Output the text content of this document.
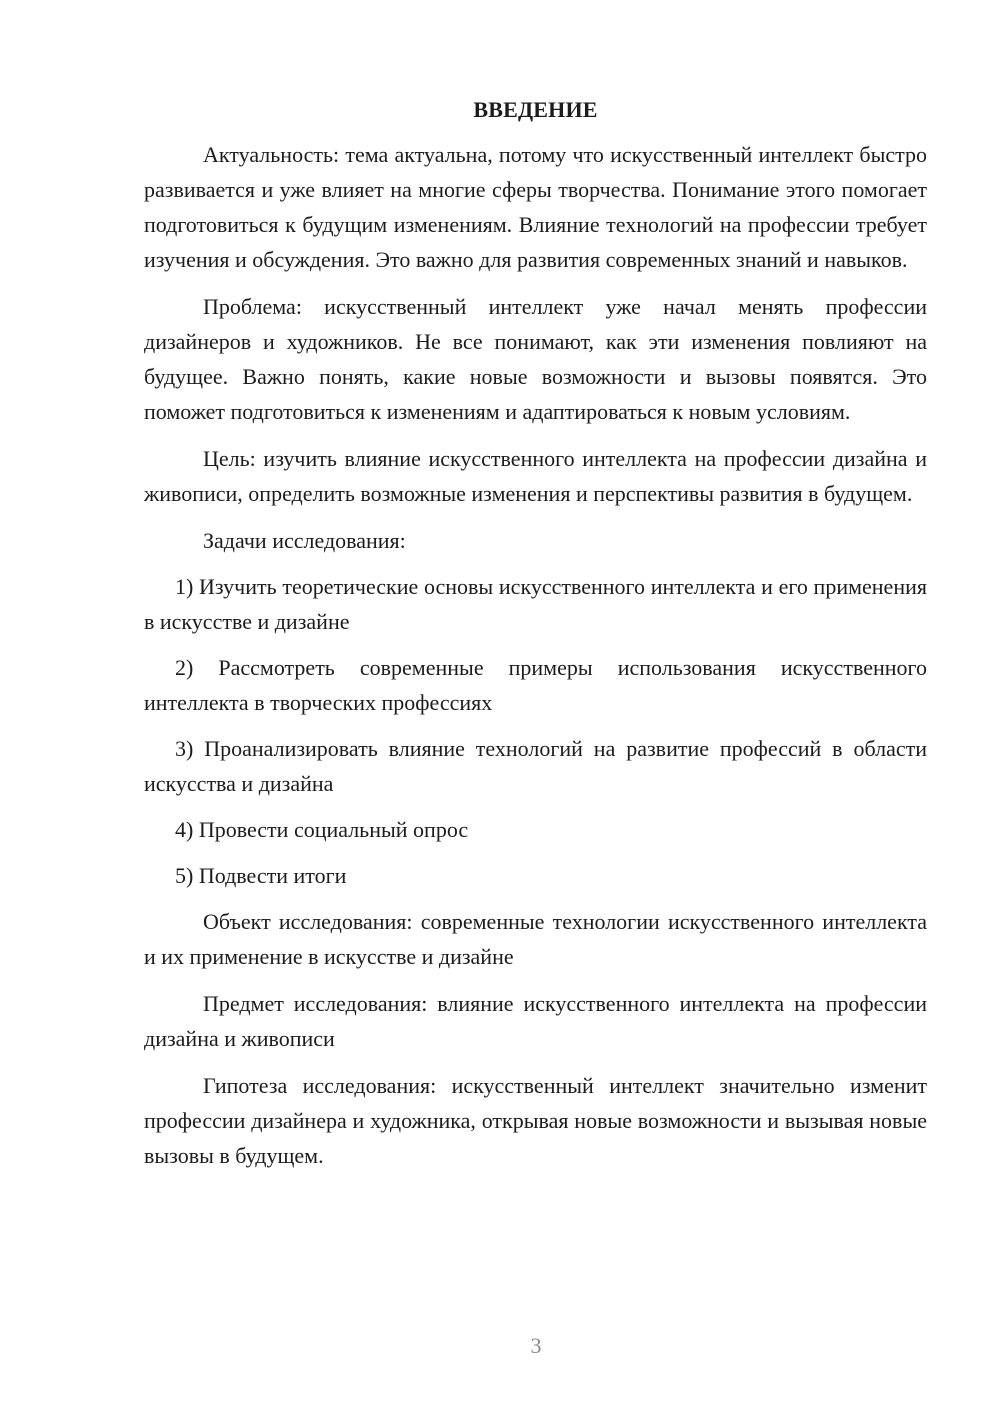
ВВЕДЕНИЕ

Актуальность: тема актуальна, потому что искусственный интеллект быстро развивается и уже влияет на многие сферы творчества. Понимание этого помогает подготовиться к будущим изменениям. Влияние технологий на профессии требует изучения и обсуждения. Это важно для развития современных знаний и навыков.

Проблема: искусственный интеллект уже начал менять профессии дизайнеров и художников. Не все понимают, как эти изменения повлияют на будущее. Важно понять, какие новые возможности и вызовы появятся. Это поможет подготовиться к изменениям и адаптироваться к новым условиям.

Цель: изучить влияние искусственного интеллекта на профессии дизайна и живописи, определить возможные изменения и перспективы развития в будущем.

Задачи исследования:

1) Изучить теоретические основы искусственного интеллекта и его применения в искусстве и дизайне

2) Рассмотреть современные примеры использования искусственного интеллекта в творческих профессиях

3) Проанализировать влияние технологий на развитие профессий в области искусства и дизайна

4) Провести социальный опрос

5) Подвести итоги

Объект исследования: современные технологии искусственного интеллекта и их применение в искусстве и дизайне

Предмет исследования: влияние искусственного интеллекта на профессии дизайна и живописи

Гипотеза исследования: искусственный интеллект значительно изменит профессии дизайнера и художника, открывая новые возможности и вызывая новые вызовы в будущем.

3
